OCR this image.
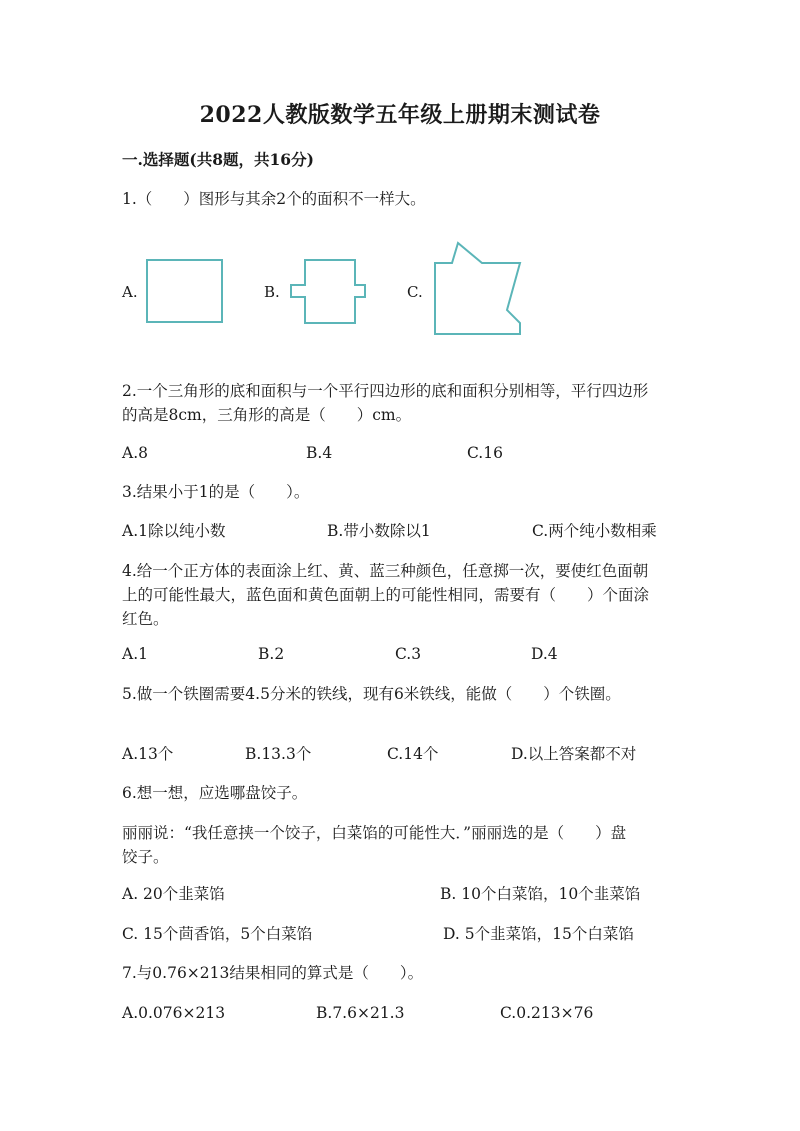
2022人教版数学五年级上册期末测试卷
一.选择题(共8题，共16分)
1.（　　）图形与其余2个的面积不一样大。
A.	B.	C.
2.一个三角形的底和面积与一个平行四边形的底和面积分别相等，平行四边形
的高是8cm，三角形的高是（　　）cm。
A.8	B.4	C.16
3.结果小于1的是（　　）。
A.1除以纯小数	B.带小数除以1	C.两个纯小数相乘
4.给一个正方体的表面涂上红、黄、蓝三种颜色，任意掷一次，要使红色面朝
上的可能性最大，蓝色面和黄色面朝上的可能性相同，需要有（　　）个面涂
红色。
A.1	B.2	C.3	D.4
5.做一个铁圈需要4.5分米的铁线，现有6米铁线，能做（　　）个铁圈。
A.13个	B.13.3个	C.14个	D.以上答案都不对
6.想一想，应选哪盘饺子。
丽丽说：“我任意挟一个饺子，白菜馅的可能性大．”丽丽选的是（　　）盘
饺子。
A. 20个韭菜馅	B. 10个白菜馅，10个韭菜馅
C. 15个茴香馅，5个白菜馅	D. 5个韭菜馅，15个白菜馅
7.与0.76×213结果相同的算式是（　　）。
A.0.076×213	B.7.6×21.3	C.0.213×76
